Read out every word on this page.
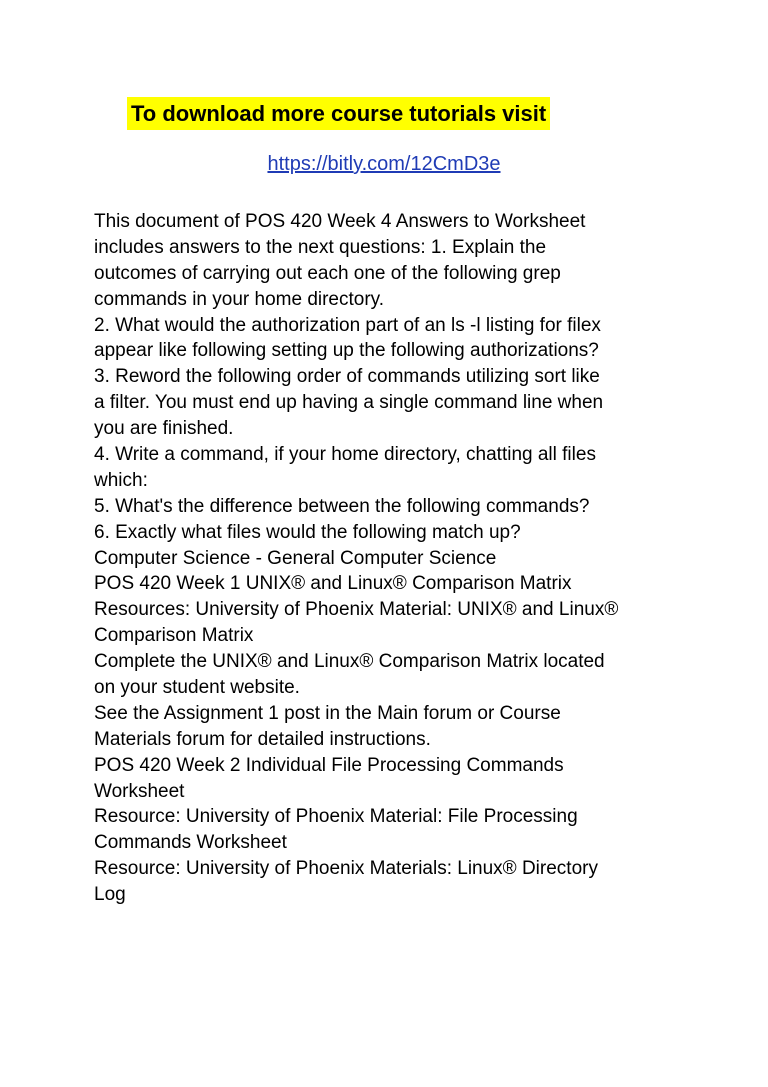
To download more course tutorials visit
https://bitly.com/12CmD3e
This document of POS 420 Week 4 Answers to Worksheet
includes answers to the next questions: 1. Explain the
outcomes of carrying out each one of the following grep
commands in your home directory.
2. What would the authorization part of an ls -l listing for filex
appear like following setting up the following authorizations?
3. Reword the following order of commands utilizing sort like
a filter. You must end up having a single command line when
you are finished.
4. Write a command, if your home directory, chatting all files
which:
5. What's the difference between the following commands?
6. Exactly what files would the following match up?
Computer Science - General Computer Science
POS 420 Week 1 UNIX® and Linux® Comparison Matrix
Resources: University of Phoenix Material: UNIX® and Linux®
Comparison Matrix
Complete the UNIX® and Linux® Comparison Matrix located
on your student website.
See the Assignment 1 post in the Main forum or Course
Materials forum for detailed instructions.
POS 420 Week 2 Individual File Processing Commands
Worksheet
Resource: University of Phoenix Material: File Processing
Commands Worksheet
Resource: University of Phoenix Materials: Linux® Directory
Log
